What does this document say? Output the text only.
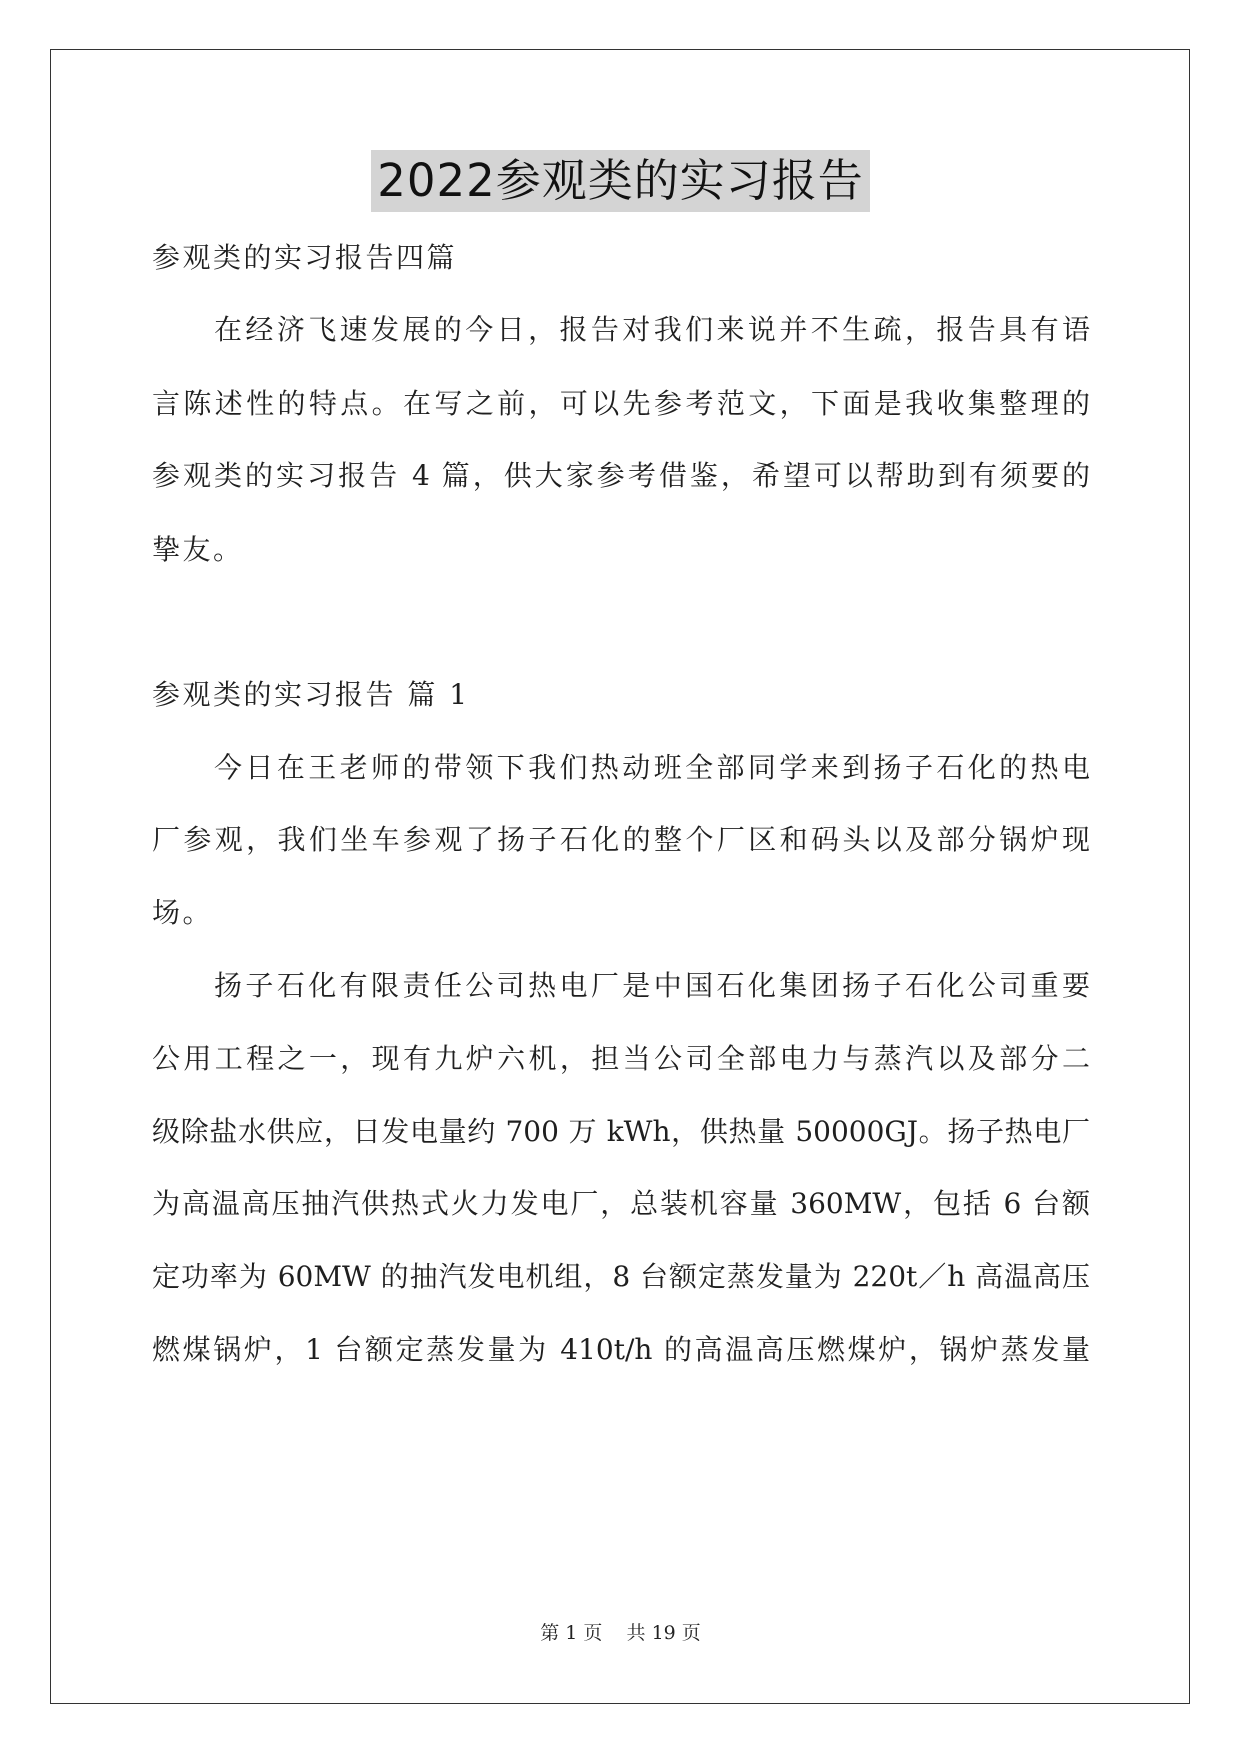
2022参观类的实习报告
参观类的实习报告四篇
在经济飞速发展的今日，报告对我们来说并不生疏，报告具有语
言陈述性的特点。在写之前，可以先参考范文，下面是我收集整理的
参观类的实习报告 4 篇，供大家参考借鉴，希望可以帮助到有须要的
挚友。
参观类的实习报告 篇 1
今日在王老师的带领下我们热动班全部同学来到扬子石化的热电
厂参观，我们坐车参观了扬子石化的整个厂区和码头以及部分锅炉现
场。
扬子石化有限责任公司热电厂是中国石化集团扬子石化公司重要
公用工程之一，现有九炉六机，担当公司全部电力与蒸汽以及部分二
级除盐水供应，日发电量约 700 万 kWh，供热量 50000GJ。扬子热电厂
为高温高压抽汽供热式火力发电厂，总装机容量 360MW，包括 6 台额
定功率为 60MW 的抽汽发电机组，8 台额定蒸发量为 220t／h 高温高压
燃煤锅炉，1 台额定蒸发量为 410t/h 的高温高压燃煤炉，锅炉蒸发量
第 1 页 共 19 页
